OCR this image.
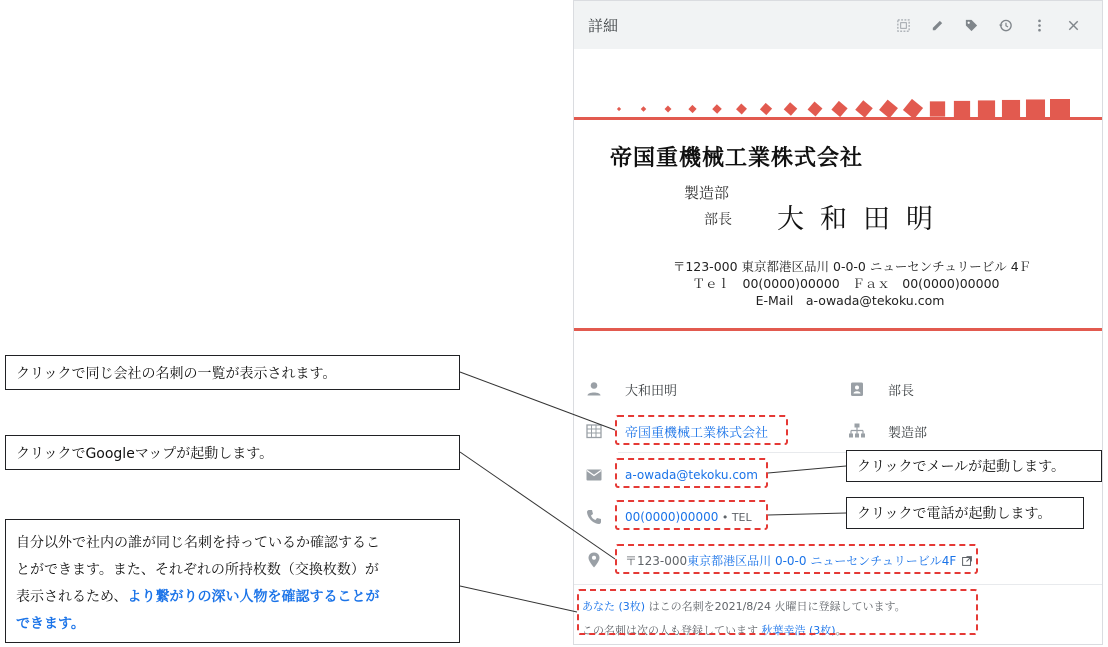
詳細
帝国重機械工業株式会社
製造部
部長 大和田明
〒123-000 東京都港区品川 0-0-0 ニューセンチュリービル 4Ｆ
Ｔｅｌ　00(0000)00000　Ｆａｘ　00(0000)00000
E-Mail　a-owada@tekoku.com
大和田明	部長
帝国重機械工業株式会社	製造部
a-owada@tekoku.com
00(0000)00000 • TEL
〒123-000東京都港区品川 0-0-0 ニューセンチュリービル4F
あなた (3枚) はこの名刺を2021/8/24 火曜日に登録しています。
この名刺は次の人も登録しています 秋葉幸浩 (3枚)。
クリックで同じ会社の名刺の一覧が表示されます。
クリックでGoogleマップが起動します。
クリックでメールが起動します。
クリックで電話が起動します。
自分以外で社内の誰が同じ名刺を持っているか確認するこ
とができます。また、それぞれの所持枚数（交換枚数）が
表示されるため、より繋がりの深い人物を確認することが
できます。
